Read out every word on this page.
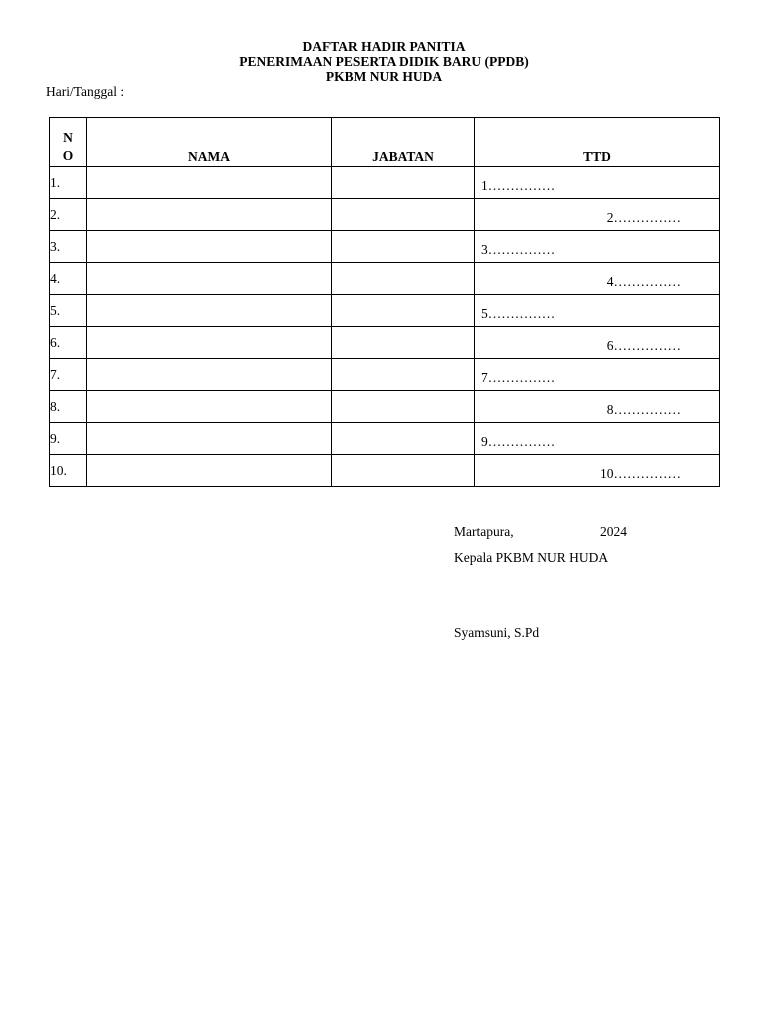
DAFTAR HADIR PANITIA
PENERIMAAN PESERTA DIDIK BARU (PPDB)
PKBM NUR HUDA
Hari/Tanggal :
N
O	NAMA	JABATAN	TTD
1.			1……………

2.			2……………

3.			3……………

4.			4……………

5.			5……………

6.			6……………

7.			7……………

8.			8……………

9.			9……………

10.			10……………
Martapura,	2024
Kepala PKBM NUR HUDA
Syamsuni, S.Pd
